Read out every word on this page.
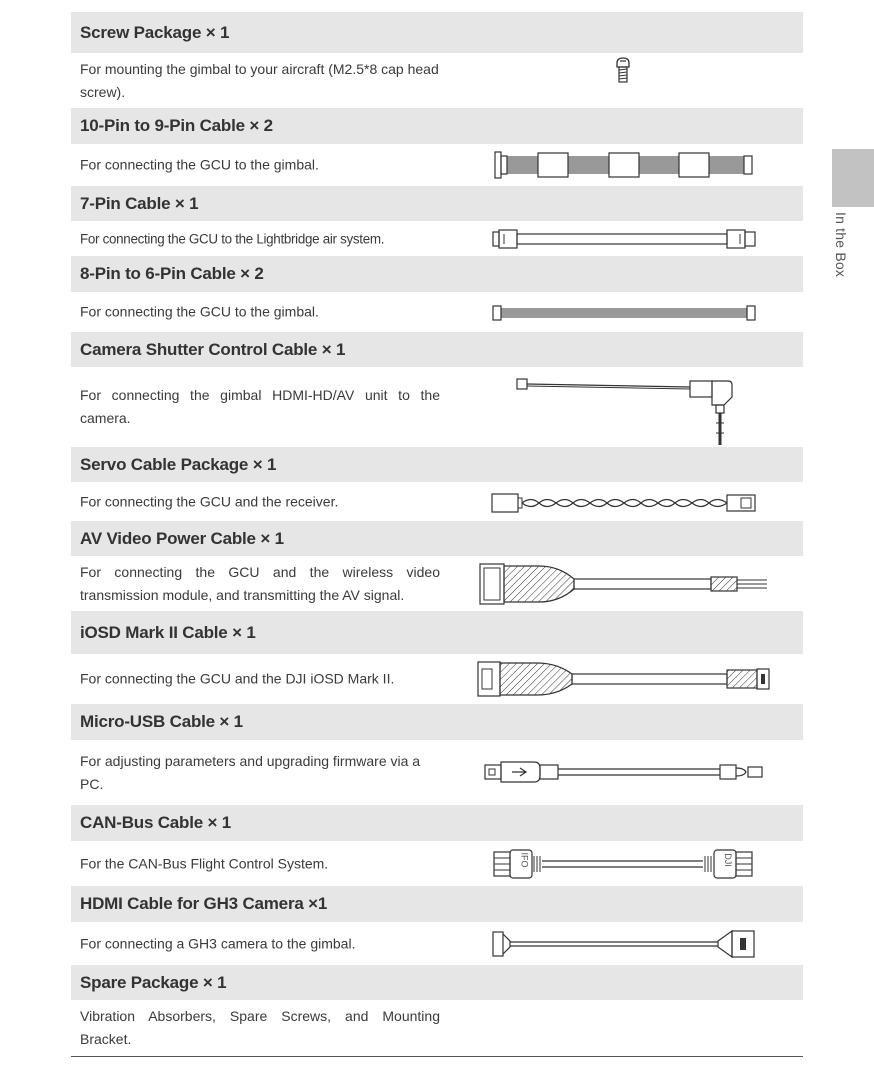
In the Box
Screw Package × 1
For mounting the gimbal to your aircraft (M2.5*8 cap head screw).
10-Pin to 9-Pin Cable × 2
For connecting the GCU to the gimbal.
7-Pin Cable × 1
For connecting the GCU to the Lightbridge air system.
8-Pin to 6-Pin Cable × 2
For connecting the GCU to the gimbal.
Camera Shutter Control Cable × 1
For connecting the gimbal HDMI-HD/AV unit to the camera.
Servo Cable Package × 1
For connecting the GCU and the receiver.
AV Video Power Cable × 1
For connecting the GCU and the wireless video transmission module, and transmitting the AV signal.
iOSD Mark II Cable × 1
For connecting the GCU and the DJI iOSD Mark II.
Micro-USB Cable × 1
For adjusting parameters and upgrading firmware via a PC.
CAN-Bus Cable × 1
For the CAN-Bus Flight Control System.	IFO	DJI
HDMI Cable for GH3 Camera ×1
For connecting a GH3 camera to the gimbal.
Spare Package × 1
Vibration Absorbers, Spare Screws, and Mounting Bracket.
